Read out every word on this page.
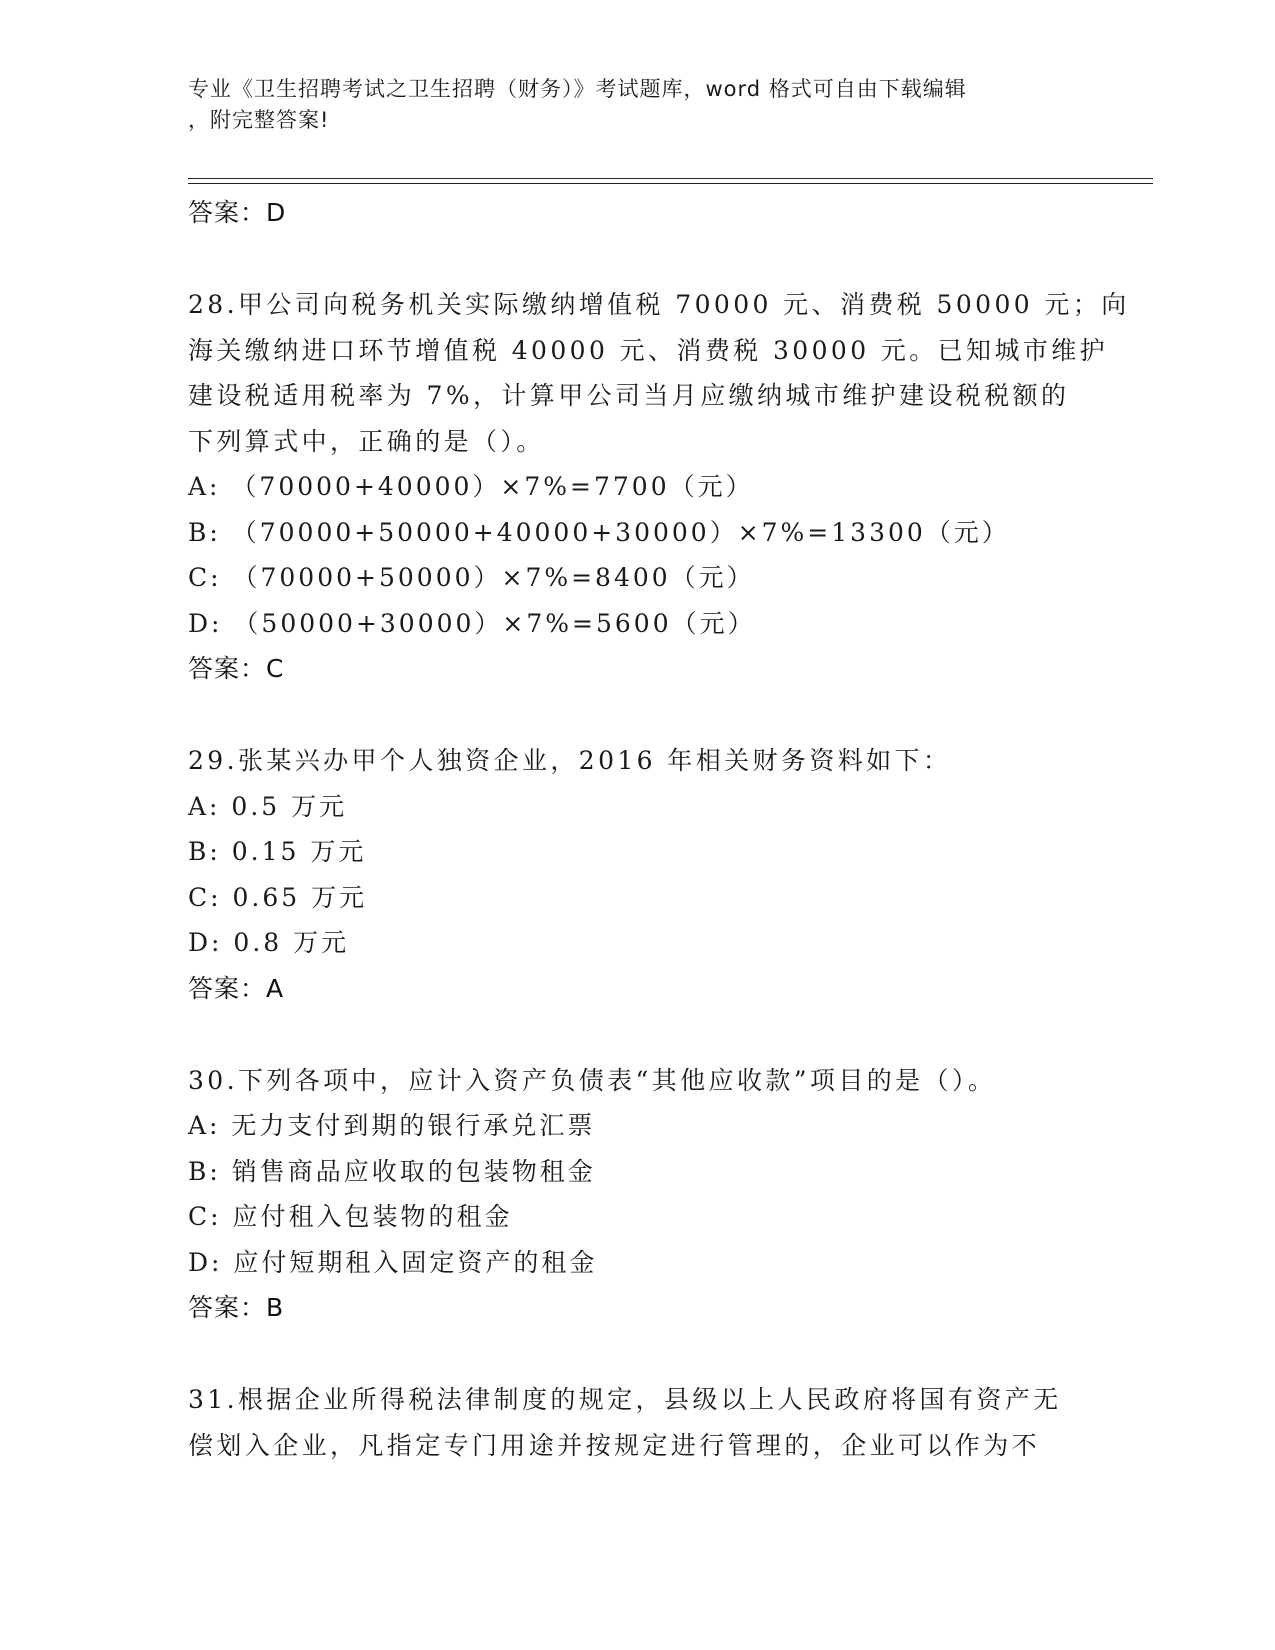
专业《卫生招聘考试之卫生招聘（财务）》考试题库，word 格式可自由下载编辑
，附完整答案!
答案：D
28.甲公司向税务机关实际缴纳增值税 70000 元、消费税 50000 元；向
海关缴纳进口环节增值税 40000 元、消费税 30000 元。已知城市维护
建设税适用税率为 7%，计算甲公司当月应缴纳城市维护建设税税额的
下列算式中，正确的是（）。
A: （70000+40000）×7%=7700（元）
B: （70000+50000+40000+30000）×7%=13300（元）
C: （70000+50000）×7%=8400（元）
D: （50000+30000）×7%=5600（元）
答案：C
29.张某兴办甲个人独资企业，2016 年相关财务资料如下：
A: 0.5 万元
B: 0.15 万元
C: 0.65 万元
D: 0.8 万元
答案：A
30.下列各项中，应计入资产负债表“其他应收款”项目的是（）。
A: 无力支付到期的银行承兑汇票
B: 销售商品应收取的包装物租金
C: 应付租入包装物的租金
D: 应付短期租入固定资产的租金
答案：B
31.根据企业所得税法律制度的规定，县级以上人民政府将国有资产无
偿划入企业，凡指定专门用途并按规定进行管理的，企业可以作为不
